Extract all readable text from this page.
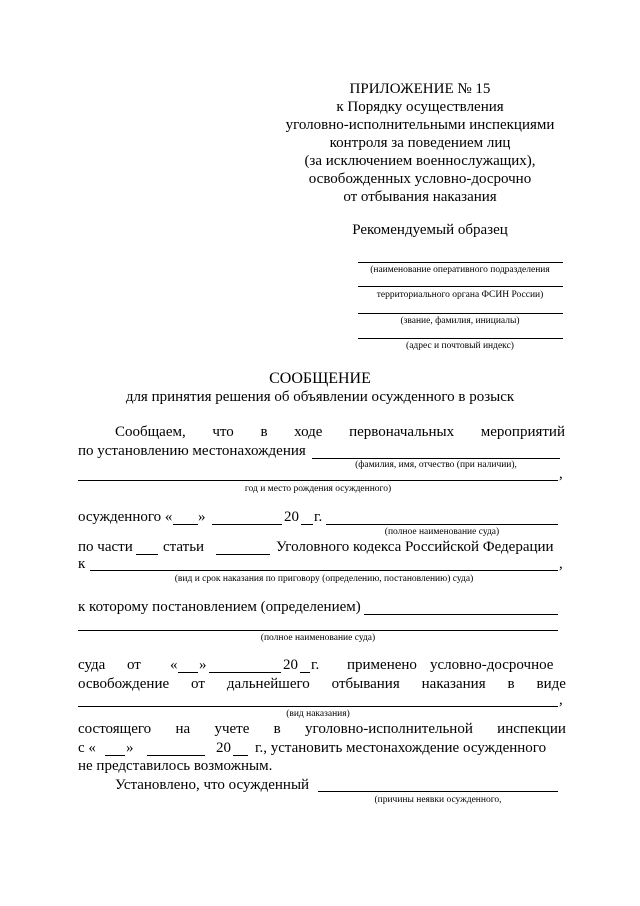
ПРИЛОЖЕНИЕ № 15
к Порядку осуществления
уголовно-исполнительными инспекциями
контроля за поведением лиц
(за исключением военнослужащих),
освобожденных условно-досрочно
от отбывания наказания
Рекомендуемый образец
(наименование оперативного подразделения
территориального органа ФСИН России)
(звание, фамилия, инициалы)
(адрес и почтовый индекс)
СООБЩЕНИЕ
для принятия решения об объявлении осужденного в розыск
Сообщаем, что в ходе первоначальных мероприятий
по установлению местонахождения
(фамилия, имя, отчество (при наличии),
,
год и место рождения осужденного)
осужденного « »	20 г.
(полное наименование суда)
по части статьи	Уголовного кодекса Российской Федерации
к	,
(вид и срок наказания по приговору (определению, постановлению) суда)
к которому постановлением (определением)
(полное наименование суда)
суда от « »	20 г. применено условно-досрочное
освобождение от дальнейшего отбывания наказания в виде
,
(вид наказания)
состоящего на учете в уголовно-исполнительной инспекции
с « »	20 г., установить местонахождение осужденного
не представилось возможным.
Установлено, что осужденный
(причины неявки осужденного,
